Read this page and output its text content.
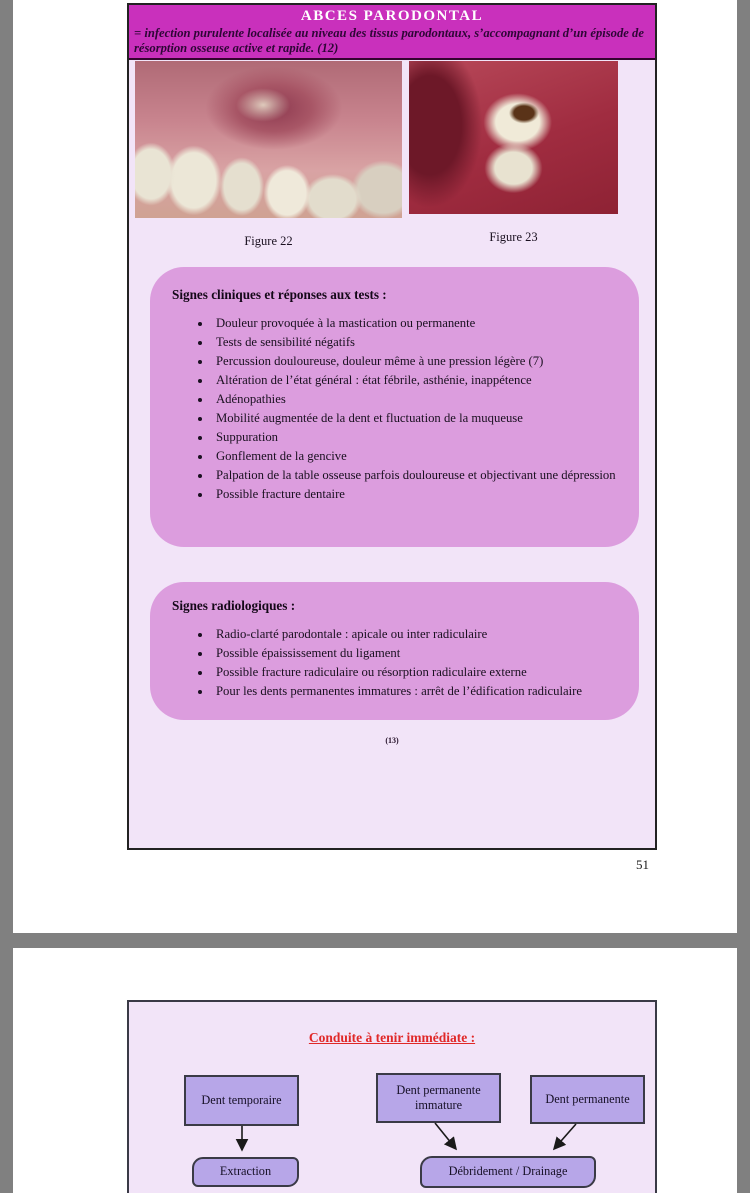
ABCES PARODONTAL
= infection purulente localisée au niveau des tissus parodontaux, s’accompagnant d’un épisode de résorption osseuse active et rapide. (12)
Figure 22	Figure 23
Signes cliniques et réponses aux tests :
• Douleur provoquée à la mastication ou permanente
• Tests de sensibilité négatifs
• Percussion douloureuse, douleur même à une pression légère (7)
• Altération de l’état général : état fébrile, asthénie, inappétence
• Adénopathies
• Mobilité augmentée de la dent et fluctuation de la muqueuse
• Suppuration
• Gonflement de la gencive
• Palpation de la table osseuse parfois douloureuse et objectivant une dépression
• Possible fracture dentaire
Signes radiologiques :
• Radio-clarté parodontale : apicale ou inter radiculaire
• Possible épaississement du ligament
• Possible fracture radiculaire ou résorption radiculaire externe
• Pour les dents permanentes immatures : arrêt de l’édification radiculaire
(13)
51
Conduite à tenir immédiate :
Dent temporaire
Dent permanente immature	Dent permanente
Extraction	Débridement / Drainage
